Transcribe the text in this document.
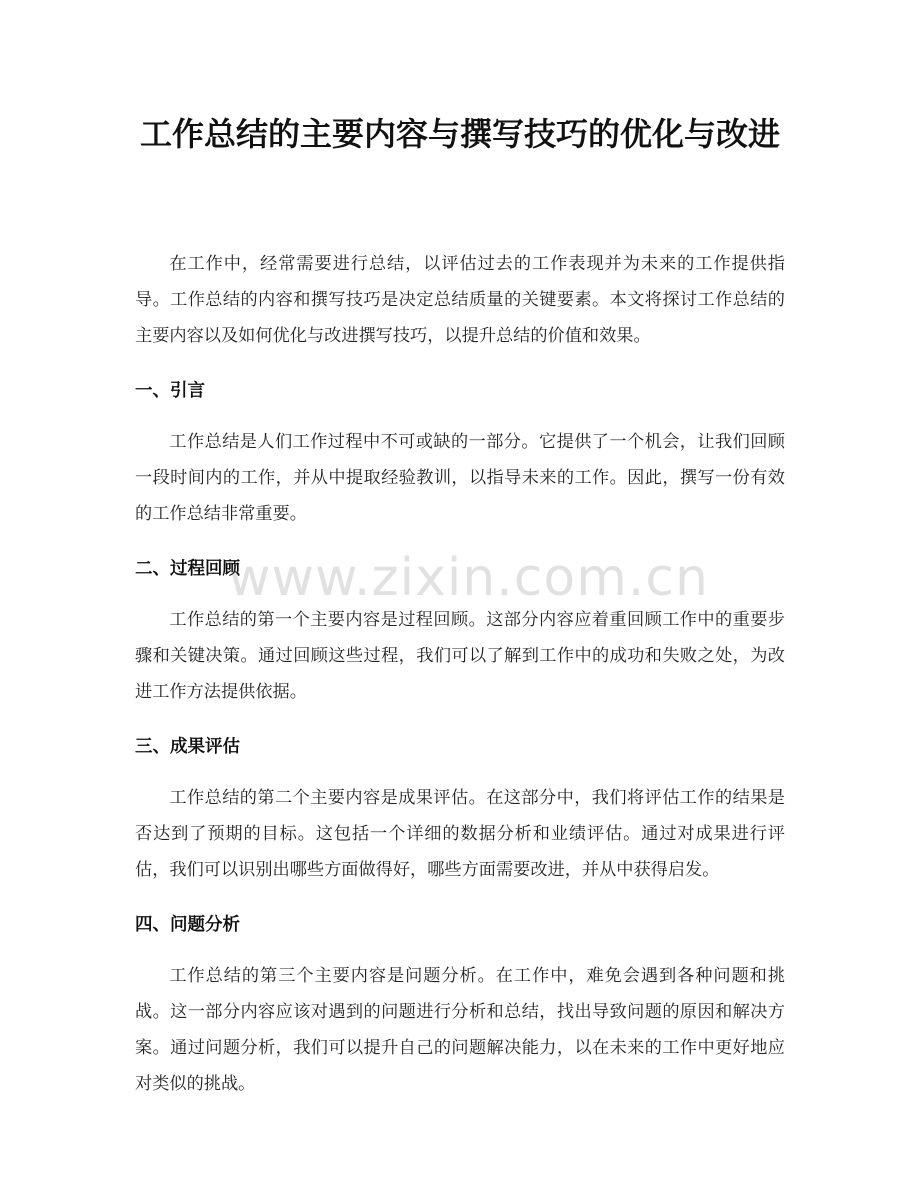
工作总结的主要内容与撰写技巧的优化与改进

在工作中，经常需要进行总结，以评估过去的工作表现并为未来的工作提供指导。工作总结的内容和撰写技巧是决定总结质量的关键要素。本文将探讨工作总结的主要内容以及如何优化与改进撰写技巧，以提升总结的价值和效果。

一、引言

工作总结是人们工作过程中不可或缺的一部分。它提供了一个机会，让我们回顾一段时间内的工作，并从中提取经验教训，以指导未来的工作。因此，撰写一份有效的工作总结非常重要。

二、过程回顾

工作总结的第一个主要内容是过程回顾。这部分内容应着重回顾工作中的重要步骤和关键决策。通过回顾这些过程，我们可以了解到工作中的成功和失败之处，为改进工作方法提供依据。

三、成果评估

工作总结的第二个主要内容是成果评估。在这部分中，我们将评估工作的结果是否达到了预期的目标。这包括一个详细的数据分析和业绩评估。通过对成果进行评估，我们可以识别出哪些方面做得好，哪些方面需要改进，并从中获得启发。

四、问题分析

工作总结的第三个主要内容是问题分析。在工作中，难免会遇到各种问题和挑战。这一部分内容应该对遇到的问题进行分析和总结，找出导致问题的原因和解决方案。通过问题分析，我们可以提升自己的问题解决能力，以在未来的工作中更好地应对类似的挑战。

www.zixin.com.cn
